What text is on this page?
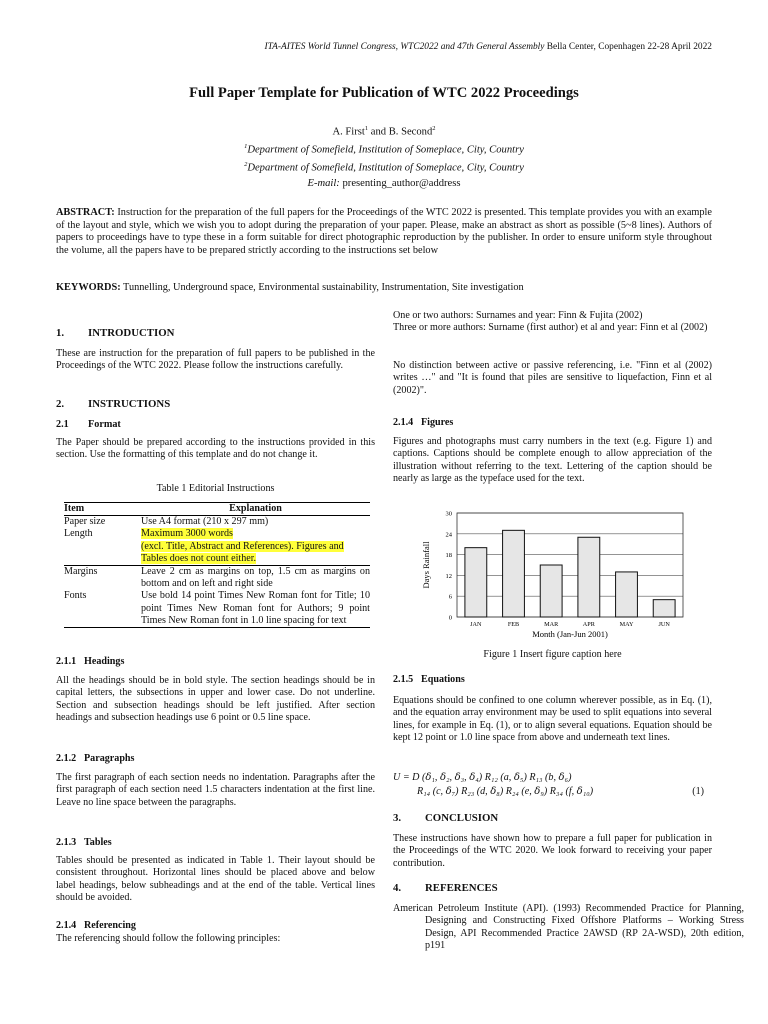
ITA-AITES World Tunnel Congress, WTC2022 and 47th General Assembly Bella Center, Copenhagen 22-28 April 2022
Full Paper Template for Publication of WTC 2022 Proceedings
A. First$^1$ and B. Second$^2$
$^1$Department of Somefield, Institution of Someplace, City, Country
$^2$Department of Somefield, Institution of Someplace, City, Country
E-mail: presenting_author@address
ABSTRACT: Instruction for the preparation of the full papers for the Proceedings of the WTC 2022 is presented. This template provides you with an example of the layout and style, which we wish you to adopt during the preparation of your paper. Please, make an abstract as short as possible (5~8 lines). Authors of papers to proceedings have to type these in a form suitable for direct photographic reproduction by the publisher. In order to ensure uniform style throughout the volume, all the papers have to be prepared strictly according to the instructions set below
KEYWORDS: Tunnelling, Underground space, Environmental sustainability, Instrumentation, Site investigation
1. INTRODUCTION
These are instruction for the preparation of full papers to be published in the Proceedings of the WTC 2022. Please follow the instructions carefully.
2. INSTRUCTIONS
2.1 Format
The Paper should be prepared according to the instructions provided in this section. Use the formatting of this template and do not change it.
Table 1 Editorial Instructions
Item	Explanation
Paper size	Use A4 format (210 x 297 mm)
Length	Maximum 3000 words
(excl. Title, Abstract and References). Figures and Tables does not count either.
Margins	Leave 2 cm as margins on top, 1.5 cm as margins on bottom and on left and right side
Fonts	Use bold 14 point Times New Roman font for Title; 10 point Times New Roman font for Authors; 9 point Times New Roman font in 1.0 line spacing for text
2.1.1 Headings
All the headings should be in bold style. The section headings should be in capital letters, the subsections in upper and lower case. Do not underline. Section and subsection headings should be left justified. After section headings and subsection headings use 6 point or 0.5 line space.
2.1.2 Paragraphs
The first paragraph of each section needs no indentation. Paragraphs after the first paragraph of each section need 1.5 characters indentation at the first line. Leave no line space between the paragraphs.
2.1.3 Tables
Tables should be presented as indicated in Table 1. Their layout should be consistent throughout. Horizontal lines should be placed above and below label headings, below subheadings and at the end of the table. Vertical lines should be avoided.
2.1.4 Referencing
The referencing should follow the following principles:
One or two authors: Surnames and year: Finn & Fujita (2002)
Three or more authors: Surname (first author) et al and year: Finn et al (2002)
No distinction between active or passive referencing, i.e. "Finn et al (2002) writes …" and "It is found that piles are sensitive to liquefaction, Finn et al (2002)".
2.1.4 Figures
Figures and photographs must carry numbers in the text (e.g. Figure 1) and captions. Captions should be complete enough to allow appreciation of the illustration without referring to the text. Lettering of the caption should be nearly as large as the typeface used for the text.
0
6
12
18
24
30
JAN	FEB	MAR	APR	MAY	JUN
Month (Jan-Jun 2001)
Days Rainfall
Figure 1 Insert figure caption here
2.1.5 Equations
Equations should be confined to one column wherever possible, as in Eq. (1), and the equation array environment may be used to split equations into several lines, for example in Eq. (1), or to align several equations. Equation should be kept 12 point or 1.0 line space from above and underneath text lines.
U = D (𝛿₁, 𝛿₂, 𝛿₃, 𝛿₄) R₁₂ (a, 𝛿₅) R₁₃ (b, 𝛿₆)
R₁₄ (c, 𝛿₇) R₂₃ (d, 𝛿₈) R₂₄ (e, 𝛿₉) R₃₄ (f, 𝛿₁₀)	(1)
3. CONCLUSION
These instructions have shown how to prepare a full paper for publication in the Proceedings of the WTC 2020. We look forward to receiving your paper contribution.
4. REFERENCES
American Petroleum Institute (API). (1993) Recommended Practice for Planning, Designing and Constructing Fixed Offshore Platforms – Working Stress Design, API Recommended Practice 2AWSD (RP 2A-WSD), 20th edition, p191
